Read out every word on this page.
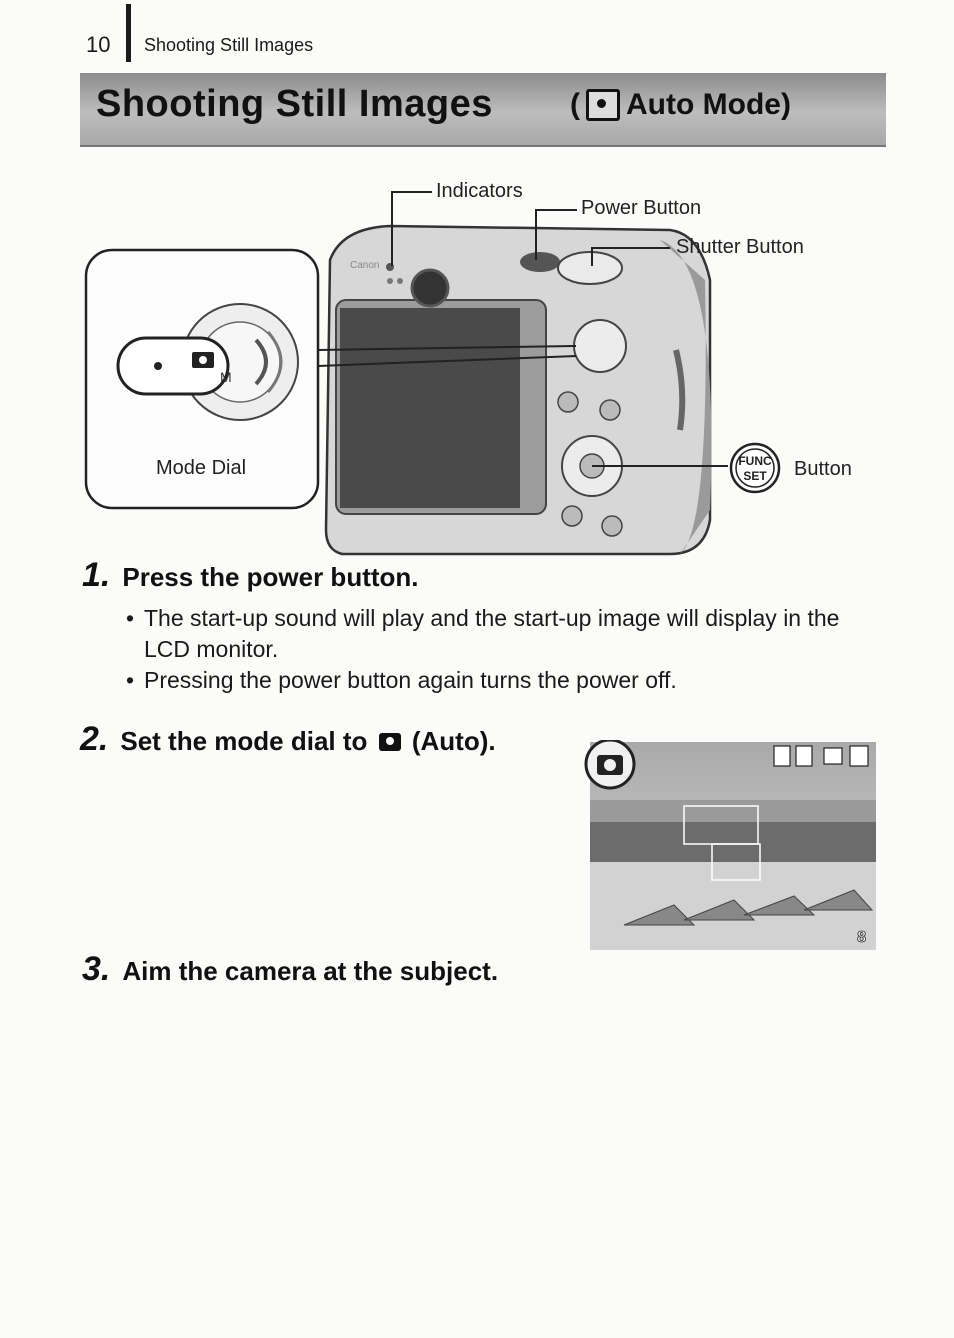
10 Shooting Still Images
Shooting Still Images	( Auto Mode)
M
Canon
FUNC
SET
Indicators
Power Button
Shutter Button
Button
Mode Dial
1. Press the power button.
• The start-up sound will play and the start-up image will display in the LCD monitor.
• Pressing the power button again turns the power off.
2. Set the mode dial to (Auto).
8
3. Aim the camera at the subject.
